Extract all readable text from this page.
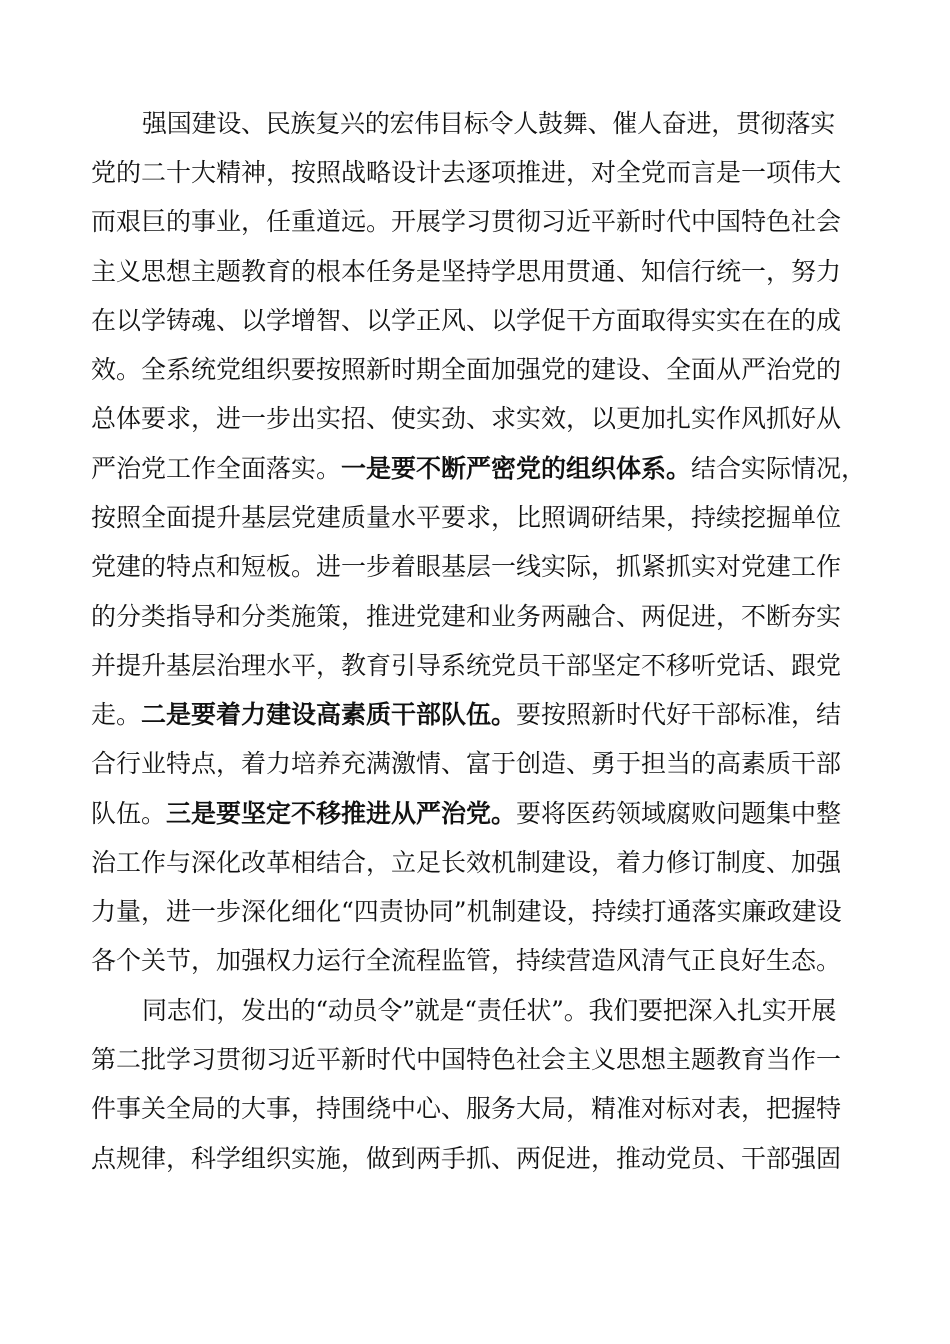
强国建设、民族复兴的宏伟目标令人鼓舞、催人奋进，贯彻落实
党的二十大精神，按照战略设计去逐项推进，对全党而言是一项伟大
而艰巨的事业，任重道远。开展学习贯彻习近平新时代中国特色社会
主义思想主题教育的根本任务是坚持学思用贯通、知信行统一，努力
在以学铸魂、以学增智、以学正风、以学促干方面取得实实在在的成
效。全系统党组织要按照新时期全面加强党的建设、全面从严治党的
总体要求，进一步出实招、使实劲、求实效，以更加扎实作风抓好从
严治党工作全面落实。一是要不断严密党的组织体系。结合实际情况，
按照全面提升基层党建质量水平要求，比照调研结果，持续挖掘单位
党建的特点和短板。进一步着眼基层一线实际，抓紧抓实对党建工作
的分类指导和分类施策，推进党建和业务两融合、两促进，不断夯实
并提升基层治理水平，教育引导系统党员干部坚定不移听党话、跟党
走。二是要着力建设高素质干部队伍。要按照新时代好干部标准，结
合行业特点，着力培养充满激情、富于创造、勇于担当的高素质干部
队伍。三是要坚定不移推进从严治党。要将医药领域腐败问题集中整
治工作与深化改革相结合，立足长效机制建设，着力修订制度、加强
力量，进一步深化细化“四责协同”机制建设，持续打通落实廉政建设
各个关节，加强权力运行全流程监管，持续营造风清气正良好生态。
同志们，发出的“动员令”就是“责任状”。我们要把深入扎实开展
第二批学习贯彻习近平新时代中国特色社会主义思想主题教育当作一
件事关全局的大事，持围绕中心、服务大局，精准对标对表，把握特
点规律，科学组织实施，做到两手抓、两促进，推动党员、干部强固
